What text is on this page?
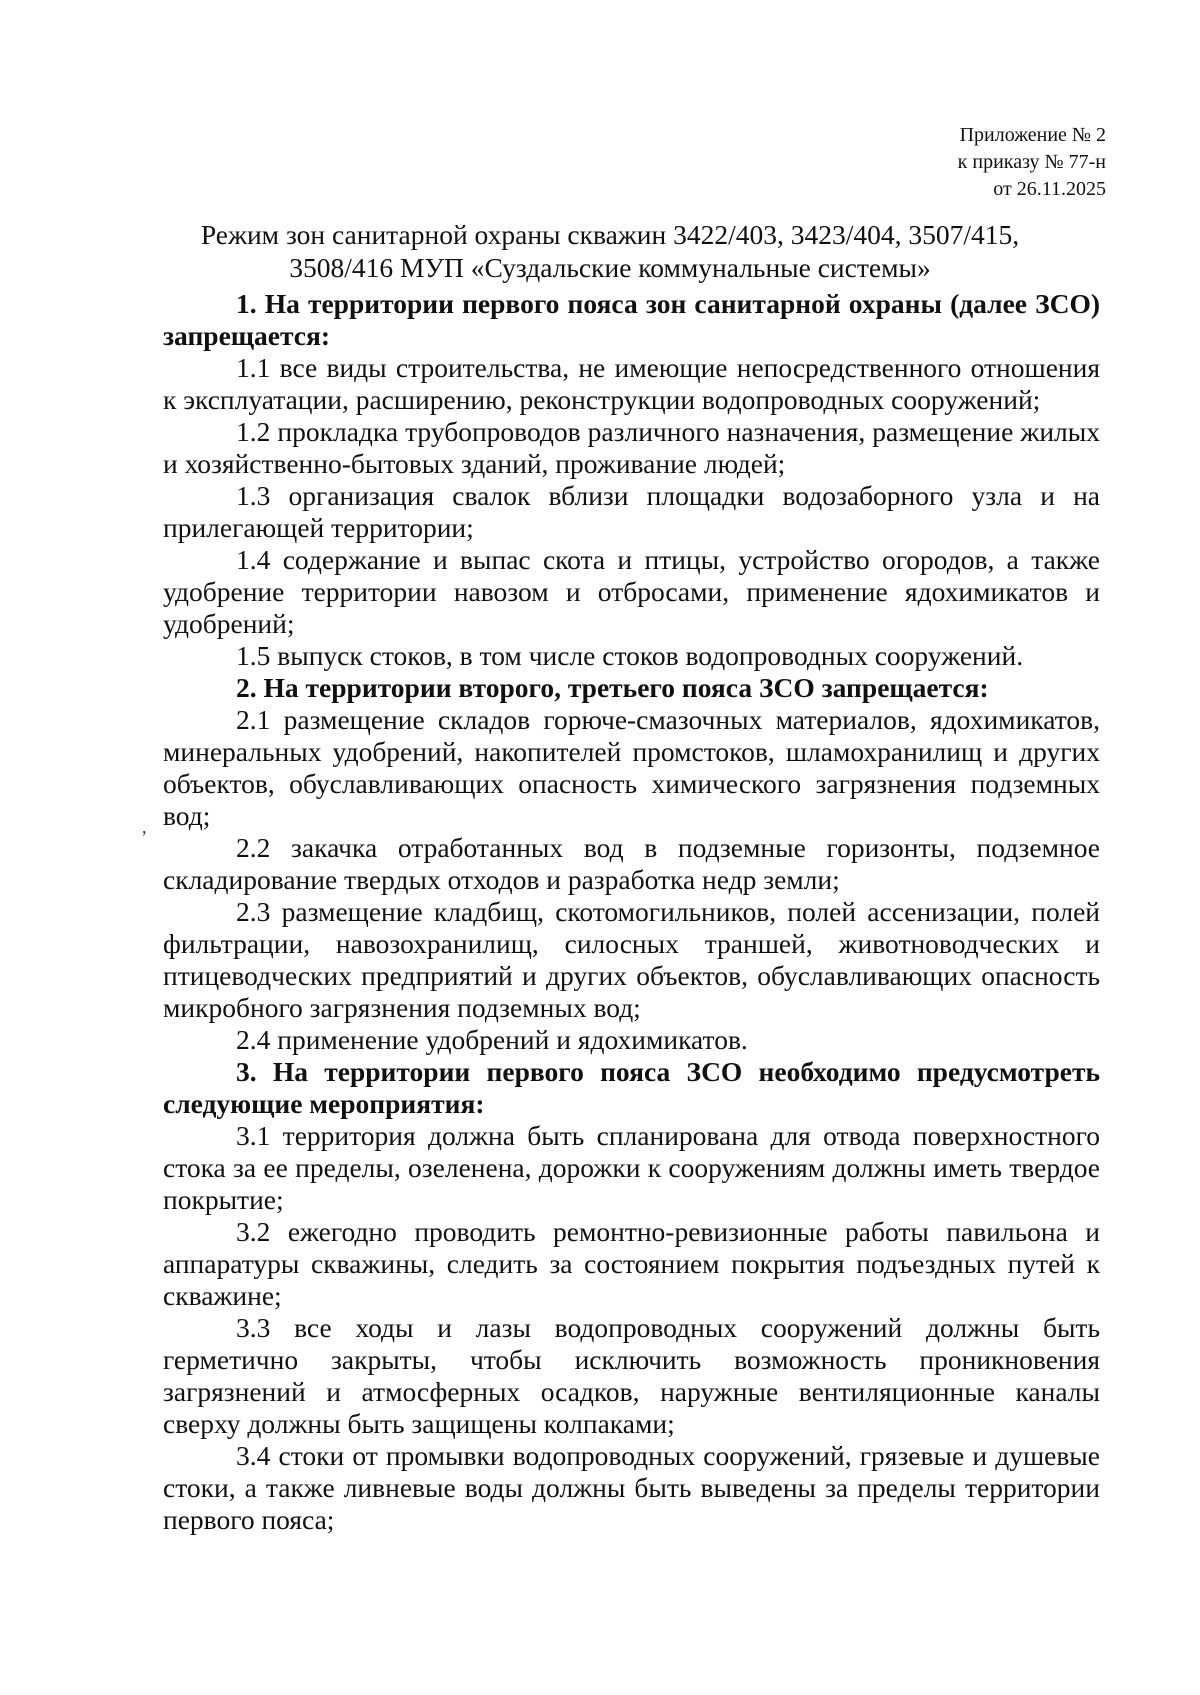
Приложение № 2
к приказу № 77-н
от 26.11.2025
Режим зон санитарной охраны скважин 3422/403, 3423/404, 3507/415,
3508/416 МУП «Суздальские коммунальные системы»

1. На территории первого пояса зон санитарной охраны (далее ЗСО) запрещается:

1.1 все виды строительства, не имеющие непосредственного отношения к эксплуатации, расширению, реконструкции водопроводных сооружений;

1.2 прокладка трубопроводов различного назначения, размещение жилых и хозяйственно-бытовых зданий, проживание людей;

1.3 организация свалок вблизи площадки водозаборного узла и на прилегающей территории;

1.4 содержание и выпас скота и птицы, устройство огородов, а также удобрение территории навозом и отбросами, применение ядохимикатов и удобрений;

1.5 выпуск стоков, в том числе стоков водопроводных сооружений.

2. На территории второго, третьего пояса ЗСО запрещается:

2.1 размещение складов горюче-смазочных материалов, ядохимикатов, минеральных удобрений, накопителей промстоков, шламохранилищ и других объектов, обуславливающих опасность химического загрязнения подземных вод;

2.2 закачка отработанных вод в подземные горизонты, подземное складирование твердых отходов и разработка недр земли;

2.3 размещение кладбищ, скотомогильников, полей ассенизации, полей фильтрации, навозохранилищ, силосных траншей, животноводческих и птицеводческих предприятий и других объектов, обуславливающих опасность микробного загрязнения подземных вод;

2.4 применение удобрений и ядохимикатов.

3. На территории первого пояса ЗСО необходимо предусмотреть следующие мероприятия:

3.1 территория должна быть спланирована для отвода поверхностного стока за ее пределы, озеленена, дорожки к сооружениям должны иметь твердое покрытие;

3.2 ежегодно проводить ремонтно-ревизионные работы павильона и аппаратуры скважины, следить за состоянием покрытия подъездных путей к скважине;

3.3 все ходы и лазы водопроводных сооружений должны быть герметично закрыты, чтобы исключить возможность проникновения загрязнений и атмосферных осадков, наружные вентиляционные каналы сверху должны быть защищены колпаками;

3.4 стоки от промывки водопроводных сооружений, грязевые и душевые стоки, а также ливневые воды должны быть выведены за пределы территории первого пояса;

,
